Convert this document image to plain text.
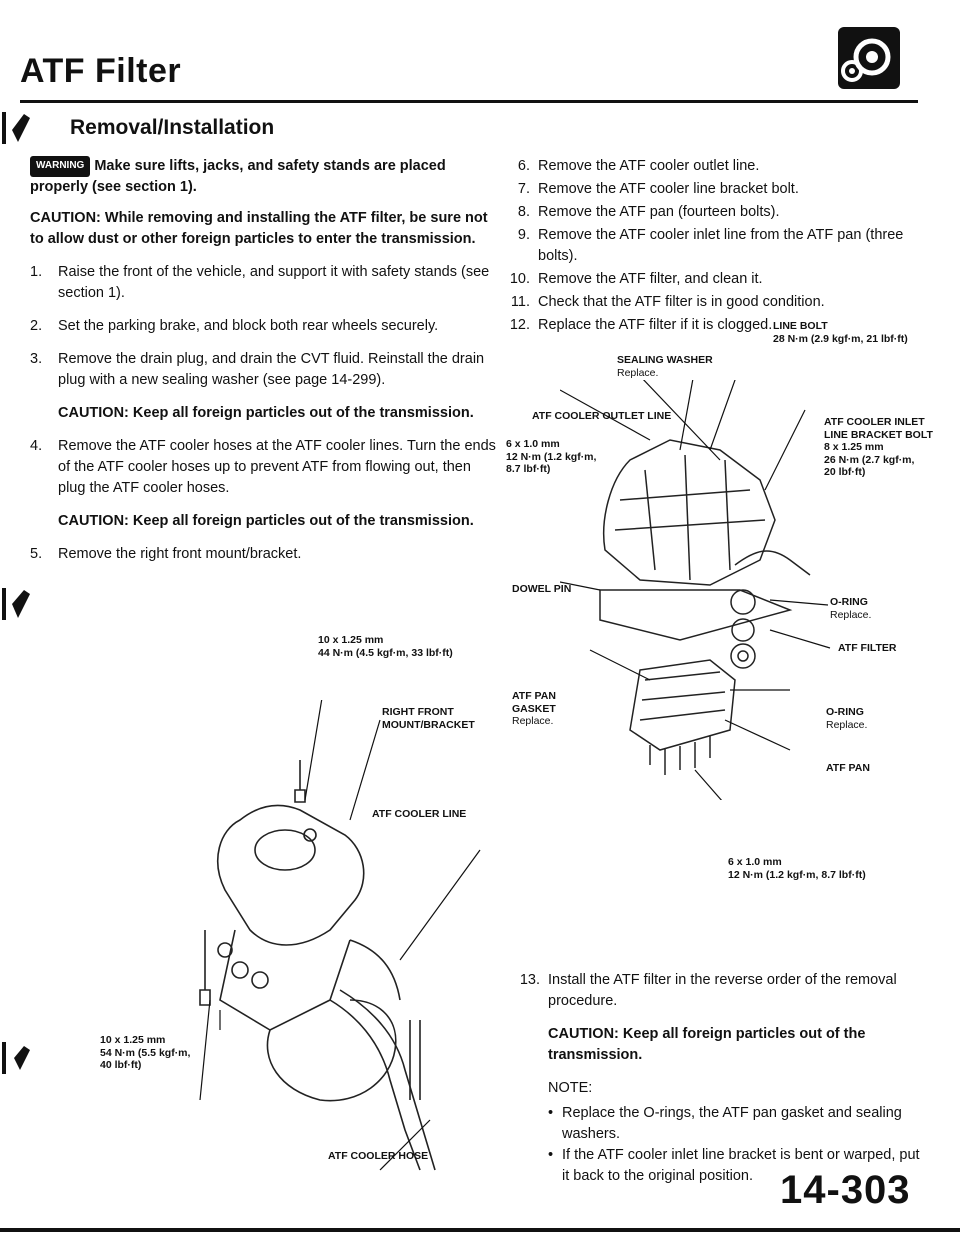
ATF Filter
Removal/Installation
WARNING Make sure lifts, jacks, and safety stands are placed properly (see section 1).
CAUTION: While removing and installing the ATF filter, be sure not to allow dust or other foreign particles to enter the transmission.
1.	Raise the front of the vehicle, and support it with safety stands (see section 1).
2.	Set the parking brake, and block both rear wheels securely.
3.	Remove the drain plug, and drain the CVT fluid. Reinstall the drain plug with a new sealing washer (see page 14-299).
CAUTION: Keep all foreign particles out of the transmission.
4.	Remove the ATF cooler hoses at the ATF cooler lines. Turn the ends of the ATF cooler hoses up to prevent ATF from flowing out, then plug the ATF cooler hoses.
CAUTION: Keep all foreign particles out of the transmission.
5.	Remove the right front mount/bracket.
10 x 1.25 mm
44 N·m (4.5 kgf·m, 33 lbf·ft)
RIGHT FRONT
MOUNT/BRACKET
ATF COOLER LINE
10 x 1.25 mm
54 N·m (5.5 kgf·m,
40 lbf·ft)
ATF COOLER HOSE
6. Remove the ATF cooler outlet line.
7. Remove the ATF cooler line bracket bolt.
8. Remove the ATF pan (fourteen bolts).
9. Remove the ATF cooler inlet line from the ATF pan (three bolts).
10. Remove the ATF filter, and clean it.
11. Check that the ATF filter is in good condition.
12. Replace the ATF filter if it is clogged. LINE BOLT
28 N·m (2.9 kgf·m, 21 lbf·ft)
SEALING WASHER
Replace.
ATF COOLER OUTLET LINE
6 x 1.0 mm
12 N·m (1.2 kgf·m,
8.7 lbf·ft)
ATF COOLER INLET
LINE BRACKET BOLT
8 x 1.25 mm
26 N·m (2.7 kgf·m,
20 lbf·ft)
DOWEL PIN
O-RING
Replace.
ATF FILTER
ATF PAN
GASKET
Replace.
O-RING
Replace.
ATF PAN
6 x 1.0 mm
12 N·m (1.2 kgf·m, 8.7 lbf·ft)
13. Install the ATF filter in the reverse order of the removal procedure.
CAUTION: Keep all foreign particles out of the transmission.
NOTE:
• Replace the O-rings, the ATF pan gasket and sealing washers.
• If the ATF cooler inlet line bracket is bent or warped, put it back to the original position. 14-303
